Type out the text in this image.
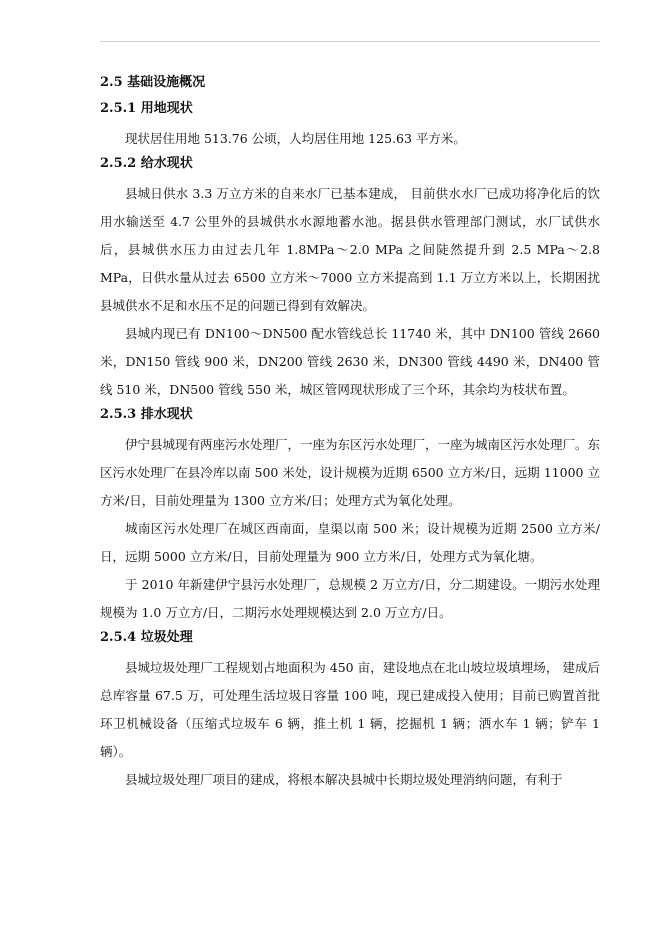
2.5 基础设施概况

2.5.1 用地现状

现状居住用地 513.76 公顷，人均居住用地 125.63 平方米。

2.5.2 给水现状

县城日供水 3.3 万立方米的自来水厂已基本建成， 目前供水水厂已成功将净化后的饮用水输送至 4.7 公里外的县城供水水源地蓄水池。据县供水管理部门测试，水厂试供水后，县城供水压力由过去几年 1.8MPa～2.0 MPa 之间陡然提升到 2.5 MPa～2.8 MPa，日供水量从过去 6500 立方米～7000 立方米提高到 1.1 万立方米以上，长期困扰县城供水不足和水压不足的问题已得到有效解决。

县城内现已有 DN100～DN500 配水管线总长 11740 米，其中 DN100 管线 2660 米，DN150 管线 900 米，DN200 管线 2630 米，DN300 管线 4490 米，DN400 管线 510 米，DN500 管线 550 米，城区管网现状形成了三个环，其余均为枝状布置。

2.5.3 排水现状

伊宁县城现有两座污水处理厂，一座为东区污水处理厂，一座为城南区污水处理厂。东区污水处理厂在县冷库以南 500 米处，设计规模为近期 6500 立方米/日，远期 11000 立方米/日，目前处理量为 1300 立方米/日；处理方式为氧化处理。

城南区污水处理厂在城区西南面，皇渠以南 500 米；设计规模为近期 2500 立方米/日，远期 5000 立方米/日，目前处理量为 900 立方米/日，处理方式为氧化塘。

于 2010 年新建伊宁县污水处理厂，总规模 2 万立方/日，分二期建设。一期污水处理规模为 1.0 万立方/日，二期污水处理规模达到 2.0 万立方/日。

2.5.4 垃圾处理

县城垃圾处理厂工程规划占地面积为 450 亩，建设地点在北山坡垃圾填埋场， 建成后总库容量 67.5 万，可处理生活垃圾日容量 100 吨，现已建成投入使用；目前已购置首批环卫机械设备（压缩式垃圾车 6 辆，推土机 1 辆，挖掘机 1 辆；洒水车 1 辆；铲车 1 辆）。

县城垃圾处理厂项目的建成，将根本解决县城中长期垃圾处理消纳问题，有利于
